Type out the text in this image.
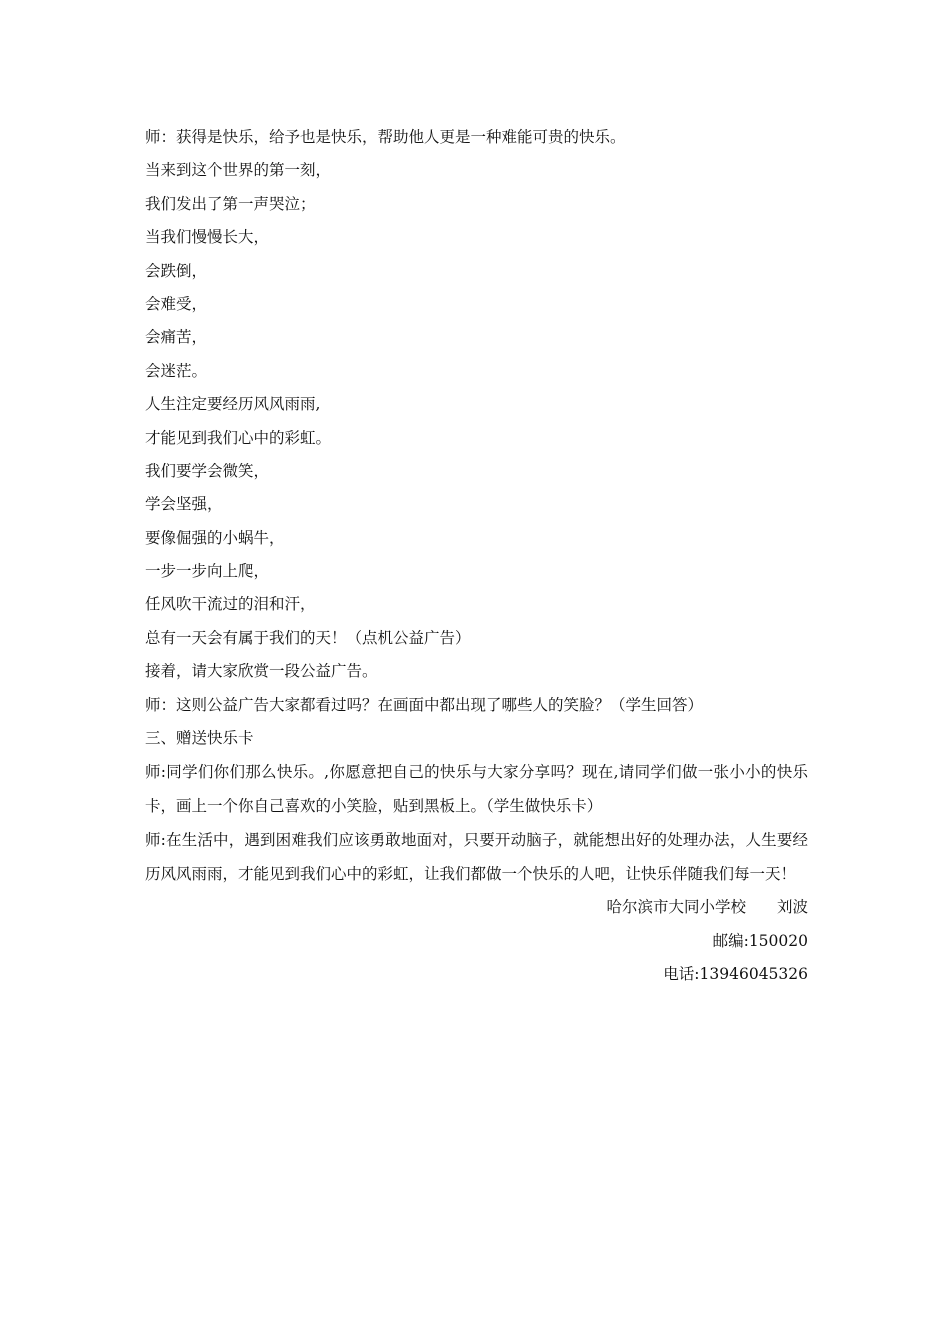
师：获得是快乐，给予也是快乐，帮助他人更是一种难能可贵的快乐。
当来到这个世界的第一刻，
我们发出了第一声哭泣；
当我们慢慢长大，
会跌倒，
会难受，
会痛苦，
会迷茫。
人生注定要经历风风雨雨,
才能见到我们心中的彩虹。
我们要学会微笑，
学会坚强，
要像倔强的小蜗牛，
一步一步向上爬，
任风吹干流过的泪和汗，
总有一天会有属于我们的天！（点机公益广告）
接着，请大家欣赏一段公益广告。
师：这则公益广告大家都看过吗？在画面中都出现了哪些人的笑脸？（学生回答）
三、赠送快乐卡
师:同学们你们那么快乐。,你愿意把自己的快乐与大家分享吗？现在,请同学们做一张小小的快乐卡，画上一个你自己喜欢的小笑脸，贴到黑板上。（学生做快乐卡）
师:在生活中，遇到困难我们应该勇敢地面对，只要开动脑子，就能想出好的处理办法，人生要经历风风雨雨，才能见到我们心中的彩虹，让我们都做一个快乐的人吧，让快乐伴随我们每一天！
哈尔滨市大同小学校　　刘波
邮编:150020
电话:13946045326
